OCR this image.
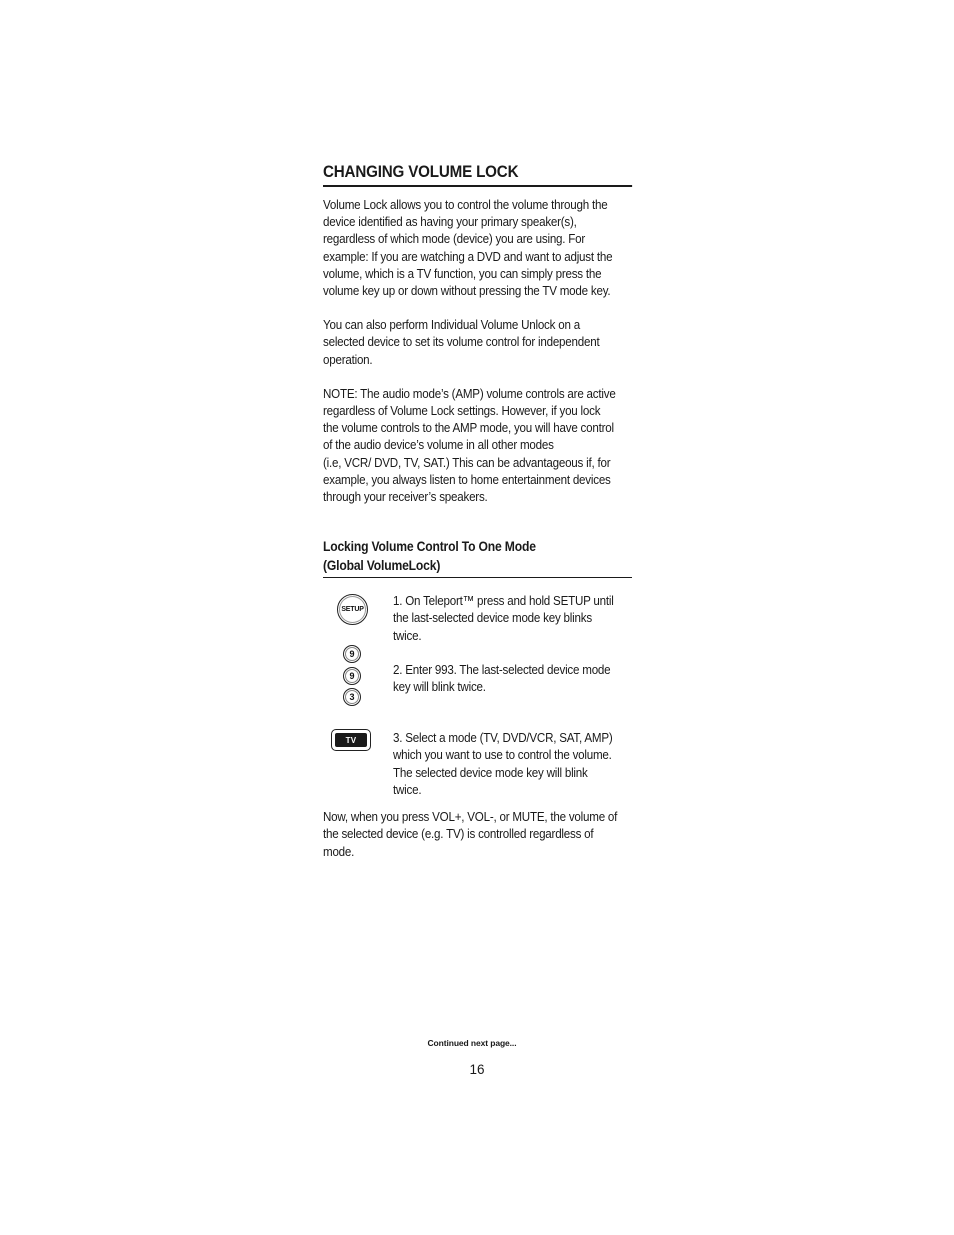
CHANGING VOLUME LOCK

Volume Lock allows you to control the volume through the
device identified as having your primary speaker(s),
regardless of which mode (device) you are using. For
example: If you are watching a DVD and want to adjust the
volume, which is a TV function, you can simply press the
volume key up or down without pressing the TV mode key.

You can also perform Individual Volume Unlock on a
selected device to set its volume control for independent
operation.

NOTE: The audio mode’s (AMP) volume controls are active
regardless of Volume Lock settings. However, if you lock
the volume controls to the AMP mode, you will have control
of the audio device’s volume in all other modes
(i.e, VCR/ DVD, TV, SAT.) This can be advantageous if, for
example, you always listen to home entertainment devices
through your receiver’s speakers.

Locking Volume Control To One Mode
(Global VolumeLock)
SETUP
9
9
3
TV
1. On Teleport™ press and hold SETUP until
the last-selected device mode key blinks
twice.
2. Enter 993. The last-selected device mode
key will blink twice.
3. Select a mode (TV, DVD/VCR, SAT, AMP)
which you want to use to control the volume.
The selected device mode key will blink
twice.

Now, when you press VOL+, VOL-, or MUTE, the volume of
the selected device (e.g. TV) is controlled regardless of
mode.

Continued next page...
16
